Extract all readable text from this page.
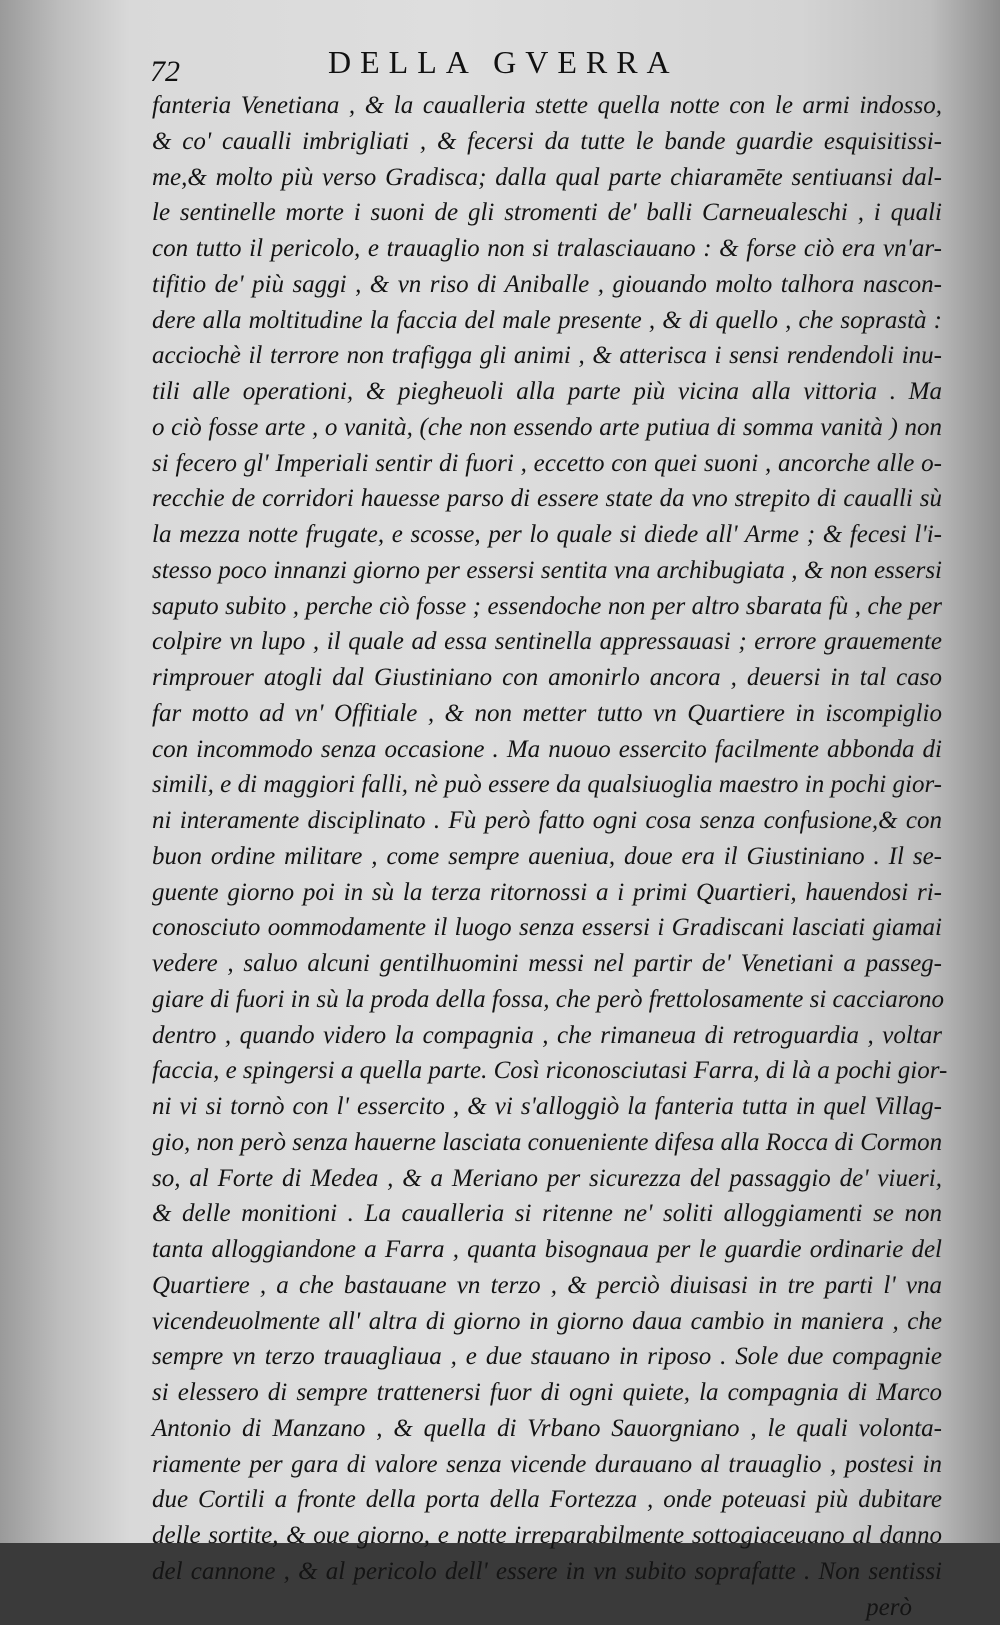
72	DELLA GVERRA
fanteria Venetiana , & la caualleria stette quella notte con le armi indosso,
& co' caualli imbrigliati , & fecersi da tutte le bande guardie esquisitissi-
me,& molto più verso Gradisca; dalla qual parte chiaramēte sentiuansi dal-
le sentinelle morte i suoni de gli stromenti de' balli Carneualeschi , i quali
con tutto il pericolo, e trauaglio non si tralasciauano : & forse ciò era vn'ar-
tifitio de' più saggi , & vn riso di Aniballe , giouando molto talhora nascon-
dere alla moltitudine la faccia del male presente , & di quello , che soprastà :
acciochè il terrore non trafigga gli animi , & atterisca i sensi rendendoli inu-
tili alle operationi, & pieghеuoli alla parte più vicina alla vittoria . Ma
o ciò fosse arte , o vanità, (che non essendo arte putiua di somma vanità ) non
si fecero gl' Imperiali sentir di fuori , eccetto con quei suoni , ancorche alle o-
recchie de corridori hauesse parso di essere state da vno strepito di caualli sù
la mezza notte frugate, e scosse, per lo quale si diede all' Arme ; & fecesi l'i-
stesso poco innanzi giorno per essersi sentita vna archibugiata , & non essersi
saputo subito , perche ciò fosse ; essendoche non per altro sbarata fù , che per
colpire vn lupo , il quale ad essa sentinella appressauasi ; errore grauemente
rimprouer atogli dal Giustiniano con amonirlo ancora , deuersi in tal caso
far motto ad vn' Offitiale , & non metter tutto vn Quartiere in iscompiglio
con incommodo senza occasione . Ma nuouo essercito facilmente abbonda di
simili, e di maggiori falli, nè può essere da qualsiuoglia maestro in pochi gior-
ni interamente disciplinato . Fù però fatto ogni cosa senza confusione,& con
buon ordine militare , come sempre aueniua, doue era il Giustiniano . Il se-
guente giorno poi in sù la terza ritornossi a i primi Quartieri, hauendosi ri-
conosciuto oommodamente il luogo senza essersi i Gradiscani lasciati giamai
vedere , saluo alcuni gentilhuomini messi nel partir de' Venetiani a passeg-
giare di fuori in sù la proda della fossa, che però frettolosamente si cacciarono
dentro , quando videro la compagnia , che rimaneua di retroguardia , voltar
faccia, e spingersi a quella parte. Così riconosciutasi Farra, di là a pochi gior-
ni vi si tornò con l' essercito , & vi s'alloggiò la fanteria tutta in quel Villag-
gio, non però senza hauerne lasciata conueniente difesa alla Rocca di Cormon
so, al Forte di Medea , & a Meriano per sicurezza del passaggio de' viueri,
& delle monitioni . La caualleria si ritenne ne' soliti alloggiamenti se non
tanta alloggiandone a Farra , quanta bisognaua per le guardie ordinarie del
Quartiere , a che bastauane vn terzo , & perciò diuisasi in tre parti l' vna
vicendeuolmente all' altra di giorno in giorno daua cambio in maniera , che
sempre vn terzo trauagliaua , e due stauano in riposo . Sole due compagnie
si elessero di sempre trattenersi fuor di ogni quiete, la compagnia di Marco
Antonio di Manzano , & quella di Vrbano Sauorgniano , le quali volonta-
riamente per gara di valore senza vicende durauano al trauaglio , postesi in
due Cortili a fronte della porta della Fortezza , onde poteuasi più dubitare
delle sortite, & oue giorno, e notte irreparabilmente sottogiaceuano al danno
del cannone , & al pericolo dell' essere in vn subito soprafatte . Non sentissi
però
